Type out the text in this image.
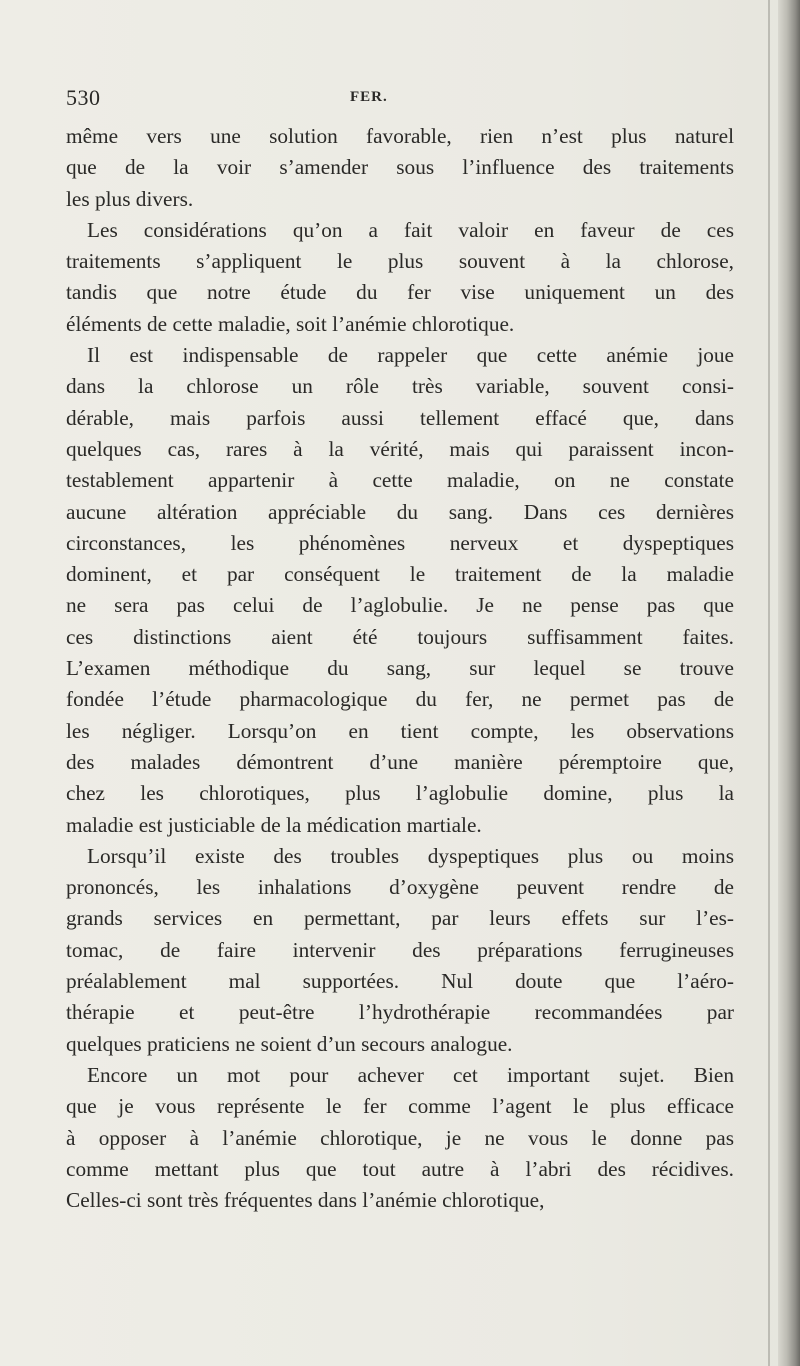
530	FER.
même vers une solution favorable, rien n’est plus naturel
que de la voir s’amender sous l’influence des traitements
les plus divers.
Les considérations qu’on a fait valoir en faveur de ces
traitements s’appliquent le plus souvent à la chlorose,
tandis que notre étude du fer vise uniquement un des
éléments de cette maladie, soit l’anémie chlorotique.
Il est indispensable de rappeler que cette anémie joue
dans la chlorose un rôle très variable, souvent consi-
dérable, mais parfois aussi tellement effacé que, dans
quelques cas, rares à la vérité, mais qui paraissent incon-
testablement appartenir à cette maladie, on ne constate
aucune altération appréciable du sang. Dans ces dernières
circonstances, les phénomènes nerveux et dyspeptiques
dominent, et par conséquent le traitement de la maladie
ne sera pas celui de l’aglobulie. Je ne pense pas que
ces distinctions aient été toujours suffisamment faites.
L’examen méthodique du sang, sur lequel se trouve
fondée l’étude pharmacologique du fer, ne permet pas de
les négliger. Lorsqu’on en tient compte, les observations
des malades démontrent d’une manière péremptoire que,
chez les chlorotiques, plus l’aglobulie domine, plus la
maladie est justiciable de la médication martiale.
Lorsqu’il existe des troubles dyspeptiques plus ou moins
prononcés, les inhalations d’oxygène peuvent rendre de
grands services en permettant, par leurs effets sur l’es-
tomac, de faire intervenir des préparations ferrugineuses
préalablement mal supportées. Nul doute que l’aéro-
thérapie et peut-être l’hydrothérapie recommandées par
quelques praticiens ne soient d’un secours analogue.
Encore un mot pour achever cet important sujet. Bien
que je vous représente le fer comme l’agent le plus efficace
à opposer à l’anémie chlorotique, je ne vous le donne pas
comme mettant plus que tout autre à l’abri des récidives.
Celles-ci sont très fréquentes dans l’anémie chlorotique,
